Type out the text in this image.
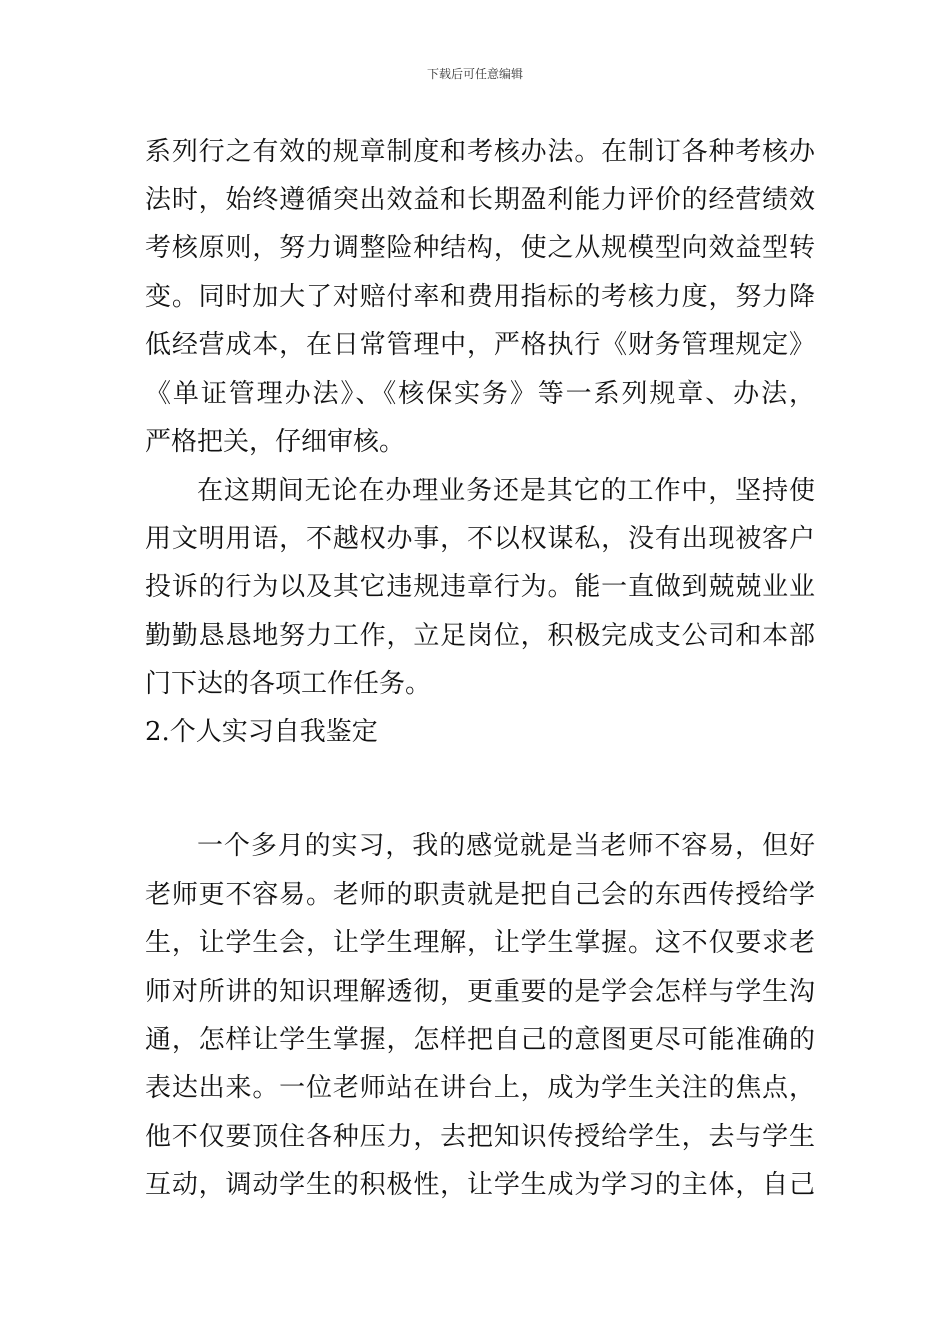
下载后可任意编辑
系列行之有效的规章制度和考核办法。在制订各种考核办
法时，始终遵循突出效益和长期盈利能力评价的经营绩效
考核原则，努力调整险种结构，使之从规模型向效益型转
变。同时加大了对赔付率和费用指标的考核力度，努力降
低经营成本，在日常管理中，严格执行《财务管理规定》
《单证管理办法》、《核保实务》等一系列规章、办法，
严格把关，仔细审核。
在这期间无论在办理业务还是其它的工作中，坚持使
用文明用语，不越权办事，不以权谋私，没有出现被客户
投诉的行为以及其它违规违章行为。能一直做到兢兢业业
勤勤恳恳地努力工作，立足岗位，积极完成支公司和本部
门下达的各项工作任务。
2.个人实习自我鉴定
一个多月的实习，我的感觉就是当老师不容易，但好
老师更不容易。老师的职责就是把自己会的东西传授给学
生，让学生会，让学生理解，让学生掌握。这不仅要求老
师对所讲的知识理解透彻，更重要的是学会怎样与学生沟
通，怎样让学生掌握，怎样把自己的意图更尽可能准确的
表达出来。一位老师站在讲台上，成为学生关注的焦点，
他不仅要顶住各种压力，去把知识传授给学生，去与学生
互动，调动学生的积极性，让学生成为学习的主体，自己
